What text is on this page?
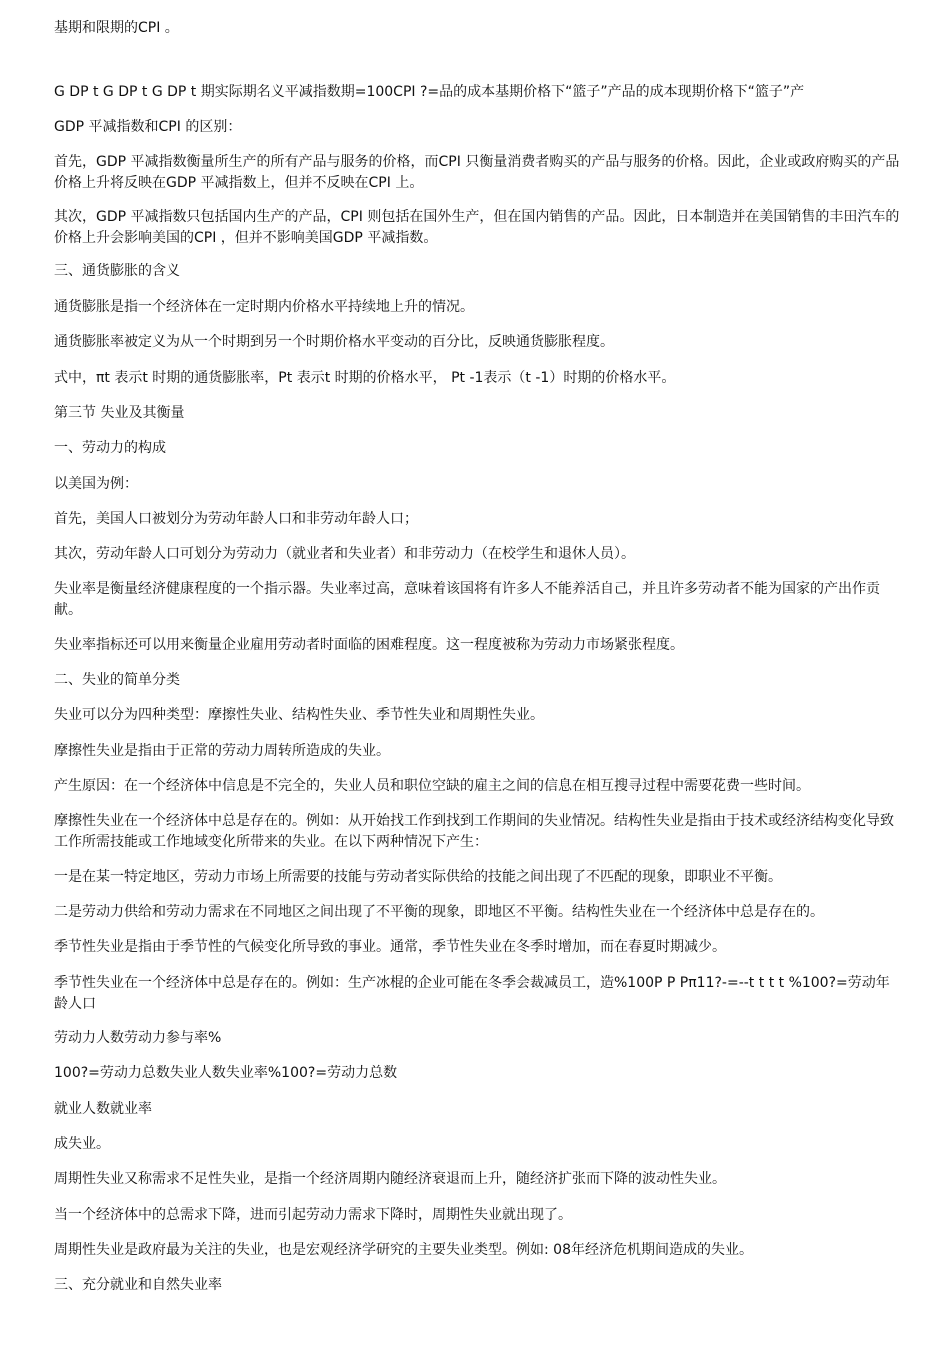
基期和限期的CPI 。

G DP t G DP t G DP t 期实际期名义平减指数期=100CPI ?=品的成本基期价格下“篮子”产品的成本现期价格下“篮子”产

GDP 平减指数和CPI 的区别：

首先，GDP 平减指数衡量所生产的所有产品与服务的价格，而CPI 只衡量消费者购买的产品与服务的价格。因此，企业或政府购买的产品价格上升将反映在GDP 平减指数上，但并不反映在CPI 上。

其次，GDP 平减指数只包括国内生产的产品，CPI 则包括在国外生产，但在国内销售的产品。因此，日本制造并在美国销售的丰田汽车的价格上升会影响美国的CPI ，但并不影响美国GDP 平减指数。

三、通货膨胀的含义

通货膨胀是指一个经济体在一定时期内价格水平持续地上升的情况。

通货膨胀率被定义为从一个时期到另一个时期价格水平变动的百分比，反映通货膨胀程度。

式中，πt 表示t 时期的通货膨胀率，Pt 表示t 时期的价格水平， Pt -1表示（t -1）时期的价格水平。

第三节 失业及其衡量

一、劳动力的构成

以美国为例：

首先，美国人口被划分为劳动年龄人口和非劳动年龄人口；

其次，劳动年龄人口可划分为劳动力（就业者和失业者）和非劳动力（在校学生和退休人员）。

失业率是衡量经济健康程度的一个指示器。失业率过高，意味着该国将有许多人不能养活自己，并且许多劳动者不能为国家的产出作贡献。

失业率指标还可以用来衡量企业雇用劳动者时面临的困难程度。这一程度被称为劳动力市场紧张程度。

二、失业的简单分类

失业可以分为四种类型：摩擦性失业、结构性失业、季节性失业和周期性失业。

摩擦性失业是指由于正常的劳动力周转所造成的失业。

产生原因：在一个经济体中信息是不完全的，失业人员和职位空缺的雇主之间的信息在相互搜寻过程中需要花费一些时间。

摩擦性失业在一个经济体中总是存在的。例如：从开始找工作到找到工作期间的失业情况。结构性失业是指由于技术或经济结构变化导致工作所需技能或工作地域变化所带来的失业。在以下两种情况下产生：

一是在某一特定地区，劳动力市场上所需要的技能与劳动者实际供给的技能之间出现了不匹配的现象，即职业不平衡。

二是劳动力供给和劳动力需求在不同地区之间出现了不平衡的现象，即地区不平衡。结构性失业在一个经济体中总是存在的。

季节性失业是指由于季节性的气候变化所导致的事业。通常，季节性失业在冬季时增加，而在春夏时期减少。

季节性失业在一个经济体中总是存在的。例如：生产冰棍的企业可能在冬季会裁减员工，造%100P P Pπ11?-=--t t t t %100?=劳动年龄人口

劳动力人数劳动力参与率%

100?=劳动力总数失业人数失业率%100?=劳动力总数

就业人数就业率

成失业。

周期性失业又称需求不足性失业，是指一个经济周期内随经济衰退而上升，随经济扩张而下降的波动性失业。

当一个经济体中的总需求下降，进而引起劳动力需求下降时，周期性失业就出现了。

周期性失业是政府最为关注的失业，也是宏观经济学研究的主要失业类型。例如: 08年经济危机期间造成的失业。

三、充分就业和自然失业率
